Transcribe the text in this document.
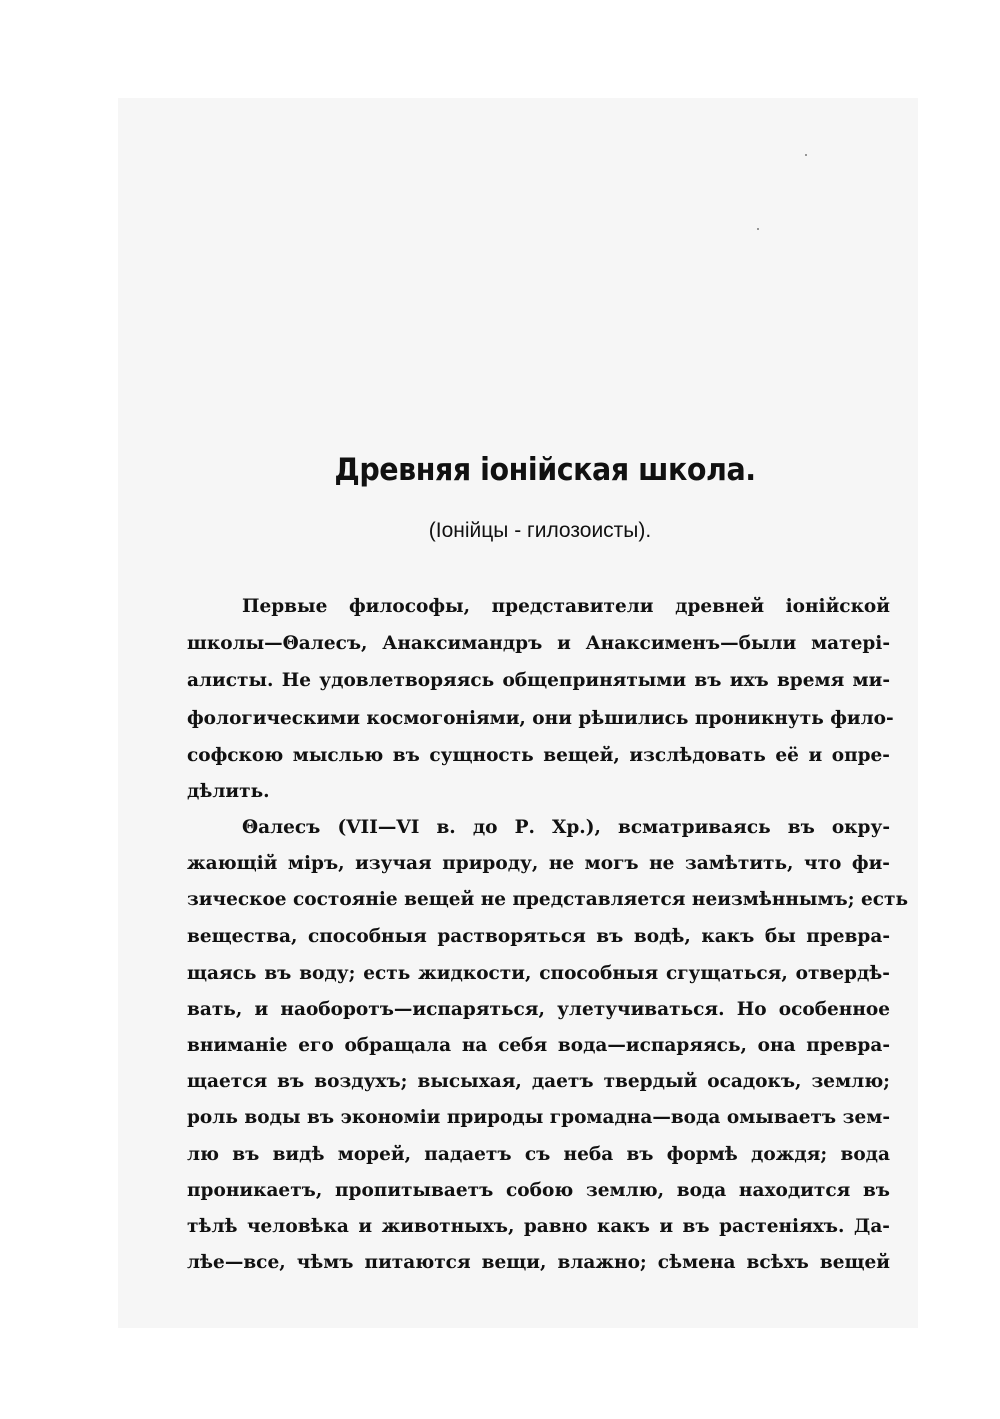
Древняя іонійская школа.
(Іонійцы - гилозоисты).
Первые философы, представители древней іонійской
школы—Θалесъ, Анаксимандръ и Анаксименъ—были матері-
алисты. Не удовлетворяясь общепринятыми въ ихъ время ми-
фологическими космогоніями, они рѣшились проникнуть фило-
софскою мыслью въ сущность вещей, изслѣдовать её и опре-
дѣлить.
Θалесъ (VII—VI в. до Р. Хр.), всматриваясь въ окру-
жающій міръ, изучая природу, не могъ не замѣтить, что фи-
зическое состояніе вещей не представляется неизмѣннымъ; есть
вещества, способныя растворяться въ водѣ, какъ бы превра-
щаясь въ воду; есть жидкости, способныя сгущаться, отвердѣ-
вать, и наоборотъ—испаряться, улетучиваться. Но особенное
вниманіе его обращала на себя вода—испаряясь, она превра-
щается въ воздухъ; высыхая, даетъ твердый осадокъ, землю;
роль воды въ экономіи природы громадна—вода омываетъ зем-
лю въ видѣ морей, падаетъ съ неба въ формѣ дождя; вода
проникаетъ, пропитываетъ собою землю, вода находится въ
тѣлѣ человѣка и животныхъ, равно какъ и въ растеніяхъ. Да-
лѣе—все, чѣмъ питаются вещи, влажно; сѣмена всѣхъ вещей
